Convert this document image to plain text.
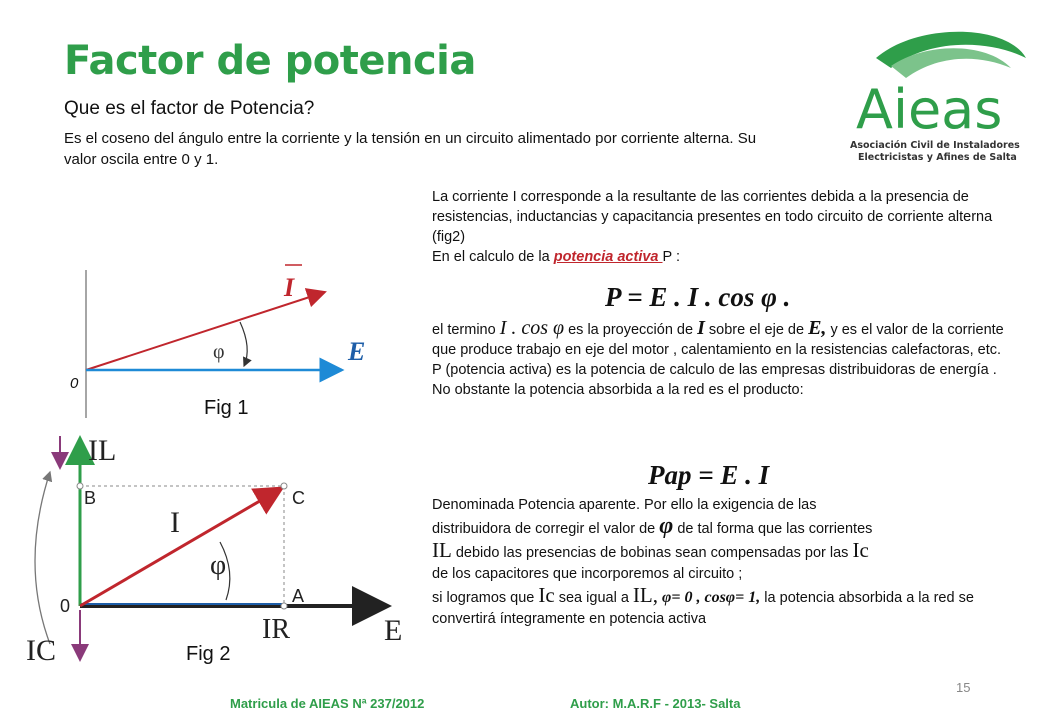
Factor de potencia
Que es el factor de Potencia?
Es el coseno del ángulo entre la corriente y la tensión en un circuito alimentado por corriente alterna. Su valor oscila entre 0 y 1.
Aieas
Asociación Civil de Instaladores
Electricistas y Afines de Salta
La corriente I corresponde a la resultante de las corrientes debida a la presencia de resistencias, inductancias y capacitancia presentes en todo circuito de corriente alterna (fig2)
En el calculo de la potencia activa P :
P = E . I . cos φ .
el termino I . cos φ es la proyección de I sobre el eje de E, y es el valor de la corriente que produce trabajo en eje del motor , calentamiento en la resistencias calefactoras, etc.
P (potencia activa) es la potencia de calculo de las empresas distribuidoras de energía . No obstante la potencia absorbida a la red es el producto:
Pap = E . I
Denominada Potencia aparente. Por ello la exigencia de las
distribuidora de corregir el valor de φ de tal forma que las corrientes
IL debido las presencias de bobinas sean compensadas por las Ic
de los capacitores que incorporemos al circuito ;
si logramos que Ic sea igual a IL, φ= 0 , cosφ= 1, la potencia absorbida a la red se convertirá íntegramente en potencia activa
I
E
φ
0
Fig 1
IL
B	C
A
I
φ
0
IR	E
IC	Fig 2
15
Matricula de AIEAS Nª 237/2012	Autor: M.A.R.F - 2013- Salta
